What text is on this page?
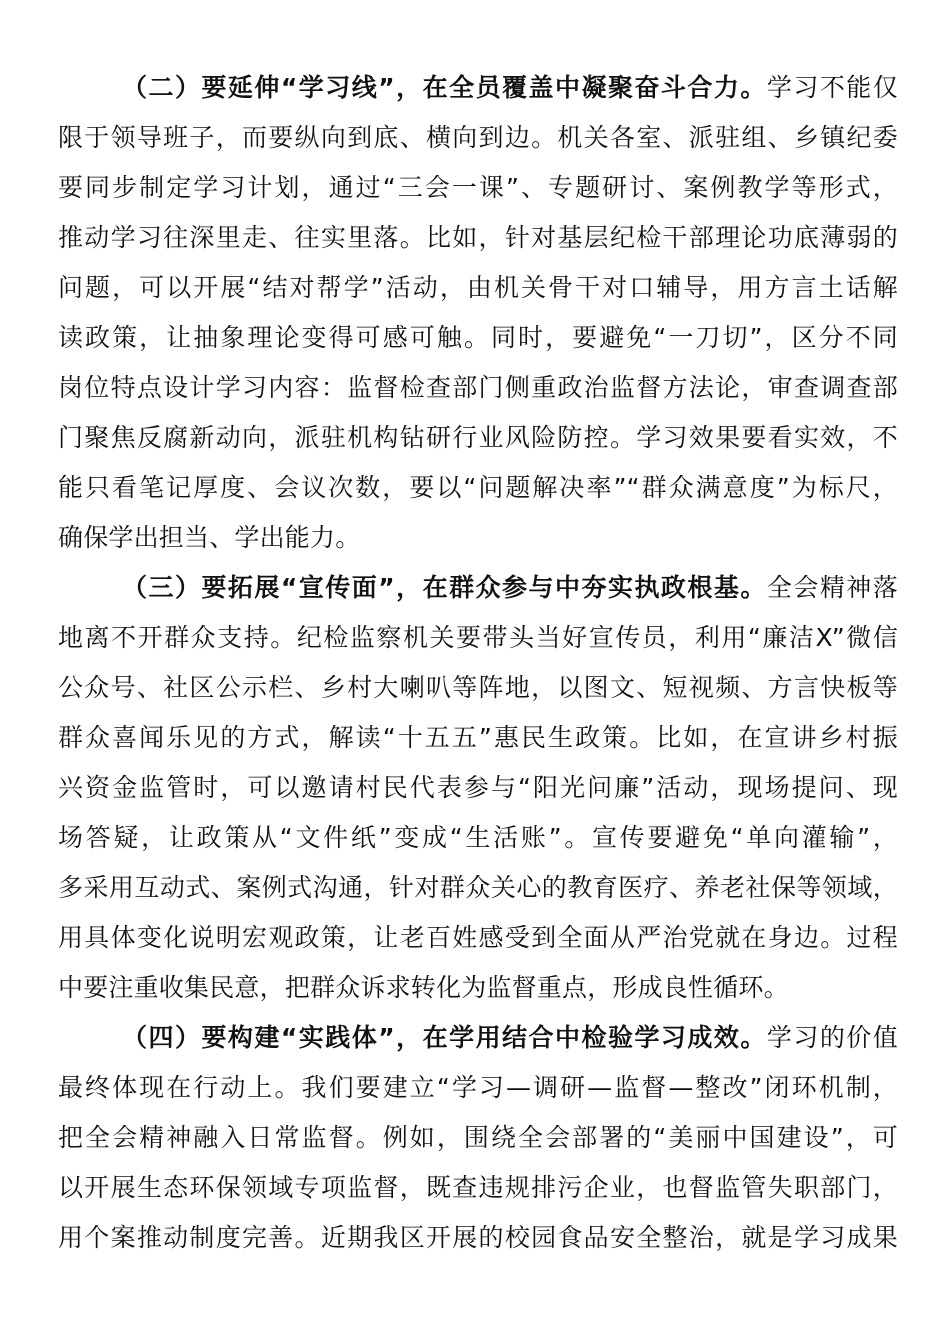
（二）要延伸“学习线”，在全员覆盖中凝聚奋斗合力。学习不能仅
限于领导班子，而要纵向到底、横向到边。机关各室、派驻组、乡镇纪委
要同步制定学习计划，通过“三会一课”、专题研讨、案例教学等形式，
推动学习往深里走、往实里落。比如，针对基层纪检干部理论功底薄弱的
问题，可以开展“结对帮学”活动，由机关骨干对口辅导，用方言土话解
读政策，让抽象理论变得可感可触。同时，要避免“一刀切”，区分不同
岗位特点设计学习内容：监督检查部门侧重政治监督方法论，审查调查部
门聚焦反腐新动向，派驻机构钻研行业风险防控。学习效果要看实效，不
能只看笔记厚度、会议次数，要以“问题解决率”“群众满意度”为标尺，
确保学出担当、学出能力。
（三）要拓展“宣传面”，在群众参与中夯实执政根基。全会精神落
地离不开群众支持。纪检监察机关要带头当好宣传员，利用“廉洁X”微信
公众号、社区公示栏、乡村大喇叭等阵地，以图文、短视频、方言快板等
群众喜闻乐见的方式，解读“十五五”惠民生政策。比如，在宣讲乡村振
兴资金监管时，可以邀请村民代表参与“阳光问廉”活动，现场提问、现
场答疑，让政策从“文件纸”变成“生活账”。宣传要避免“单向灌输”，
多采用互动式、案例式沟通，针对群众关心的教育医疗、养老社保等领域，
用具体变化说明宏观政策，让老百姓感受到全面从严治党就在身边。过程
中要注重收集民意，把群众诉求转化为监督重点，形成良性循环。
（四）要构建“实践体”，在学用结合中检验学习成效。学习的价值
最终体现在行动上。我们要建立“学习—调研—监督—整改”闭环机制，
把全会精神融入日常监督。例如，围绕全会部署的“美丽中国建设”，可
以开展生态环保领域专项监督，既查违规排污企业，也督监管失职部门，
用个案推动制度完善。近期我区开展的校园食品安全整治，就是学习成果
